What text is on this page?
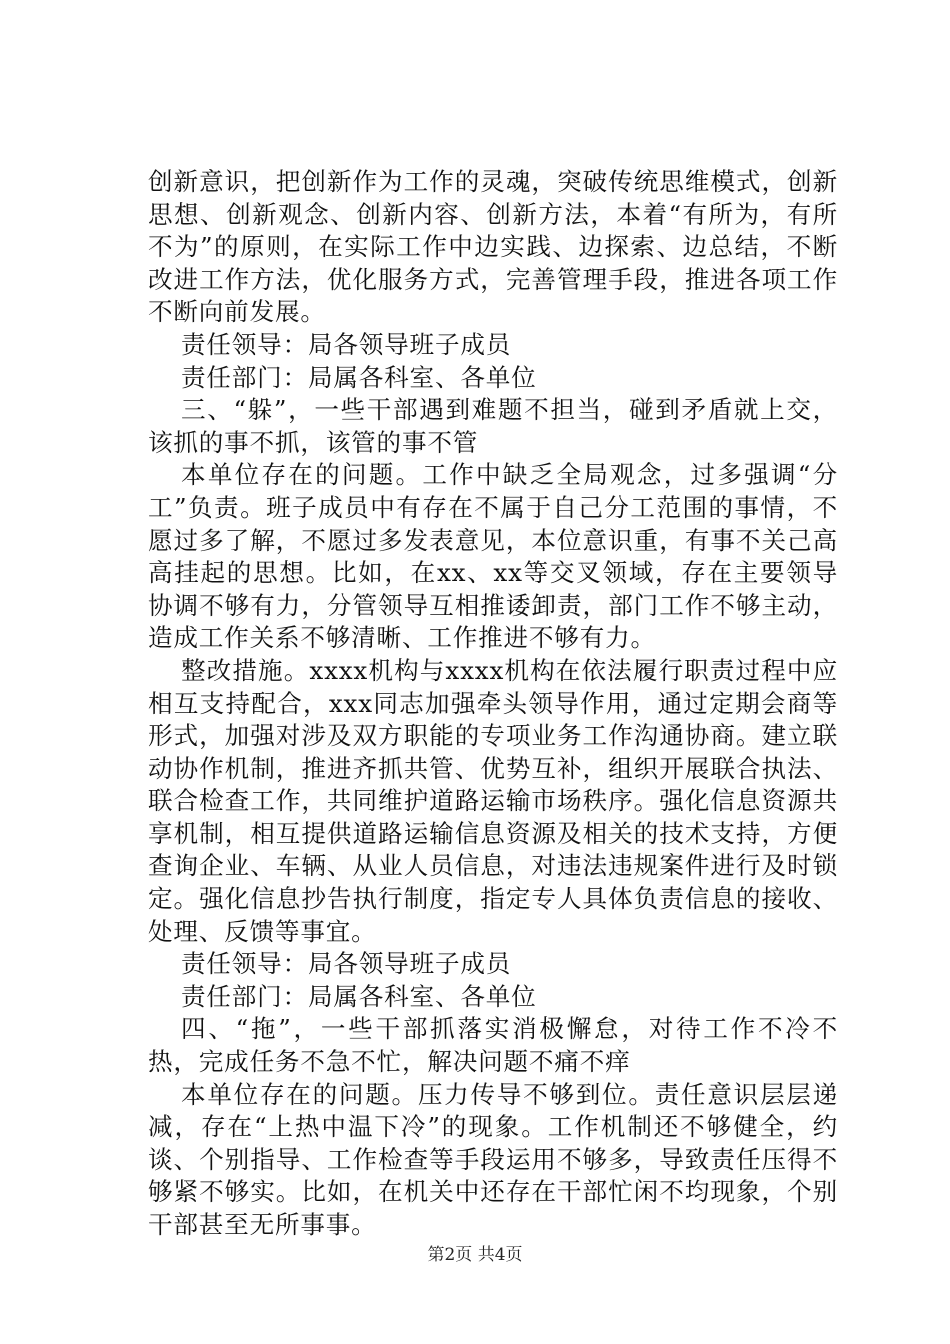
创新意识，把创新作为工作的灵魂，突破传统思维模式，创新思想、创新观念、创新内容、创新方法，本着“有所为，有所不为”的原则，在实际工作中边实践、边探索、边总结，不断改进工作方法，优化服务方式，完善管理手段，推进各项工作不断向前发展。

责任领导：局各领导班子成员

责任部门：局属各科室、各单位

三、“躲”，一些干部遇到难题不担当，碰到矛盾就上交，该抓的事不抓，该管的事不管

本单位存在的问题。工作中缺乏全局观念，过多强调“分工”负责。班子成员中有存在不属于自己分工范围的事情，不愿过多了解，不愿过多发表意见，本位意识重，有事不关己高高挂起的思想。比如，在xx、xx等交叉领域，存在主要领导协调不够有力，分管领导互相推诿卸责，部门工作不够主动，造成工作关系不够清晰、工作推进不够有力。

整改措施。xxxx机构与xxxx机构在依法履行职责过程中应相互支持配合，xxx同志加强牵头领导作用，通过定期会商等形式，加强对涉及双方职能的专项业务工作沟通协商。建立联动协作机制，推进齐抓共管、优势互补，组织开展联合执法、联合检查工作，共同维护道路运输市场秩序。强化信息资源共享机制，相互提供道路运输信息资源及相关的技术支持，方便查询企业、车辆、从业人员信息，对违法违规案件进行及时锁定。强化信息抄告执行制度，指定专人具体负责信息的接收、处理、反馈等事宜。

责任领导：局各领导班子成员

责任部门：局属各科室、各单位

四、“拖”，一些干部抓落实消极懈怠，对待工作不冷不热，完成任务不急不忙，解决问题不痛不痒

本单位存在的问题。压力传导不够到位。责任意识层层递减，存在“上热中温下冷”的现象。工作机制还不够健全，约谈、个别指导、工作检查等手段运用不够多，导致责任压得不够紧不够实。比如，在机关中还存在干部忙闲不均现象，个别干部甚至无所事事。

第2页 共4页
